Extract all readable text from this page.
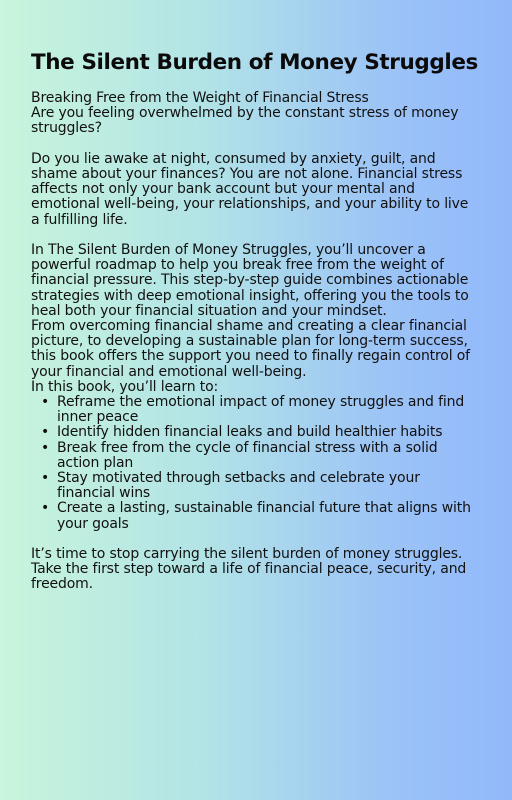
The Silent Burden of Money Struggles

Breaking Free from the Weight of Financial Stress

Are you feeling overwhelmed by the constant stress of money struggles?

Do you lie awake at night, consumed by anxiety, guilt, and shame about your finances? You are not alone. Financial stress affects not only your bank account but your mental and emotional well-being, your relationships, and your ability to live a fulfilling life.

In The Silent Burden of Money Struggles, you’ll uncover a powerful roadmap to help you break free from the weight of financial pressure. This step-by-step guide combines actionable strategies with deep emotional insight, offering you the tools to heal both your financial situation and your mindset.

From overcoming financial shame and creating a clear financial picture, to developing a sustainable plan for long-term success, this book offers the support you need to finally regain control of your financial and emotional well-being.

In this book, you’ll learn to:

• Reframe the emotional impact of money struggles and find inner peace
• Identify hidden financial leaks and build healthier habits
• Break free from the cycle of financial stress with a solid action plan
• Stay motivated through setbacks and celebrate your financial wins
• Create a lasting, sustainable financial future that aligns with your goals

It’s time to stop carrying the silent burden of money struggles. Take the first step toward a life of financial peace, security, and freedom.
